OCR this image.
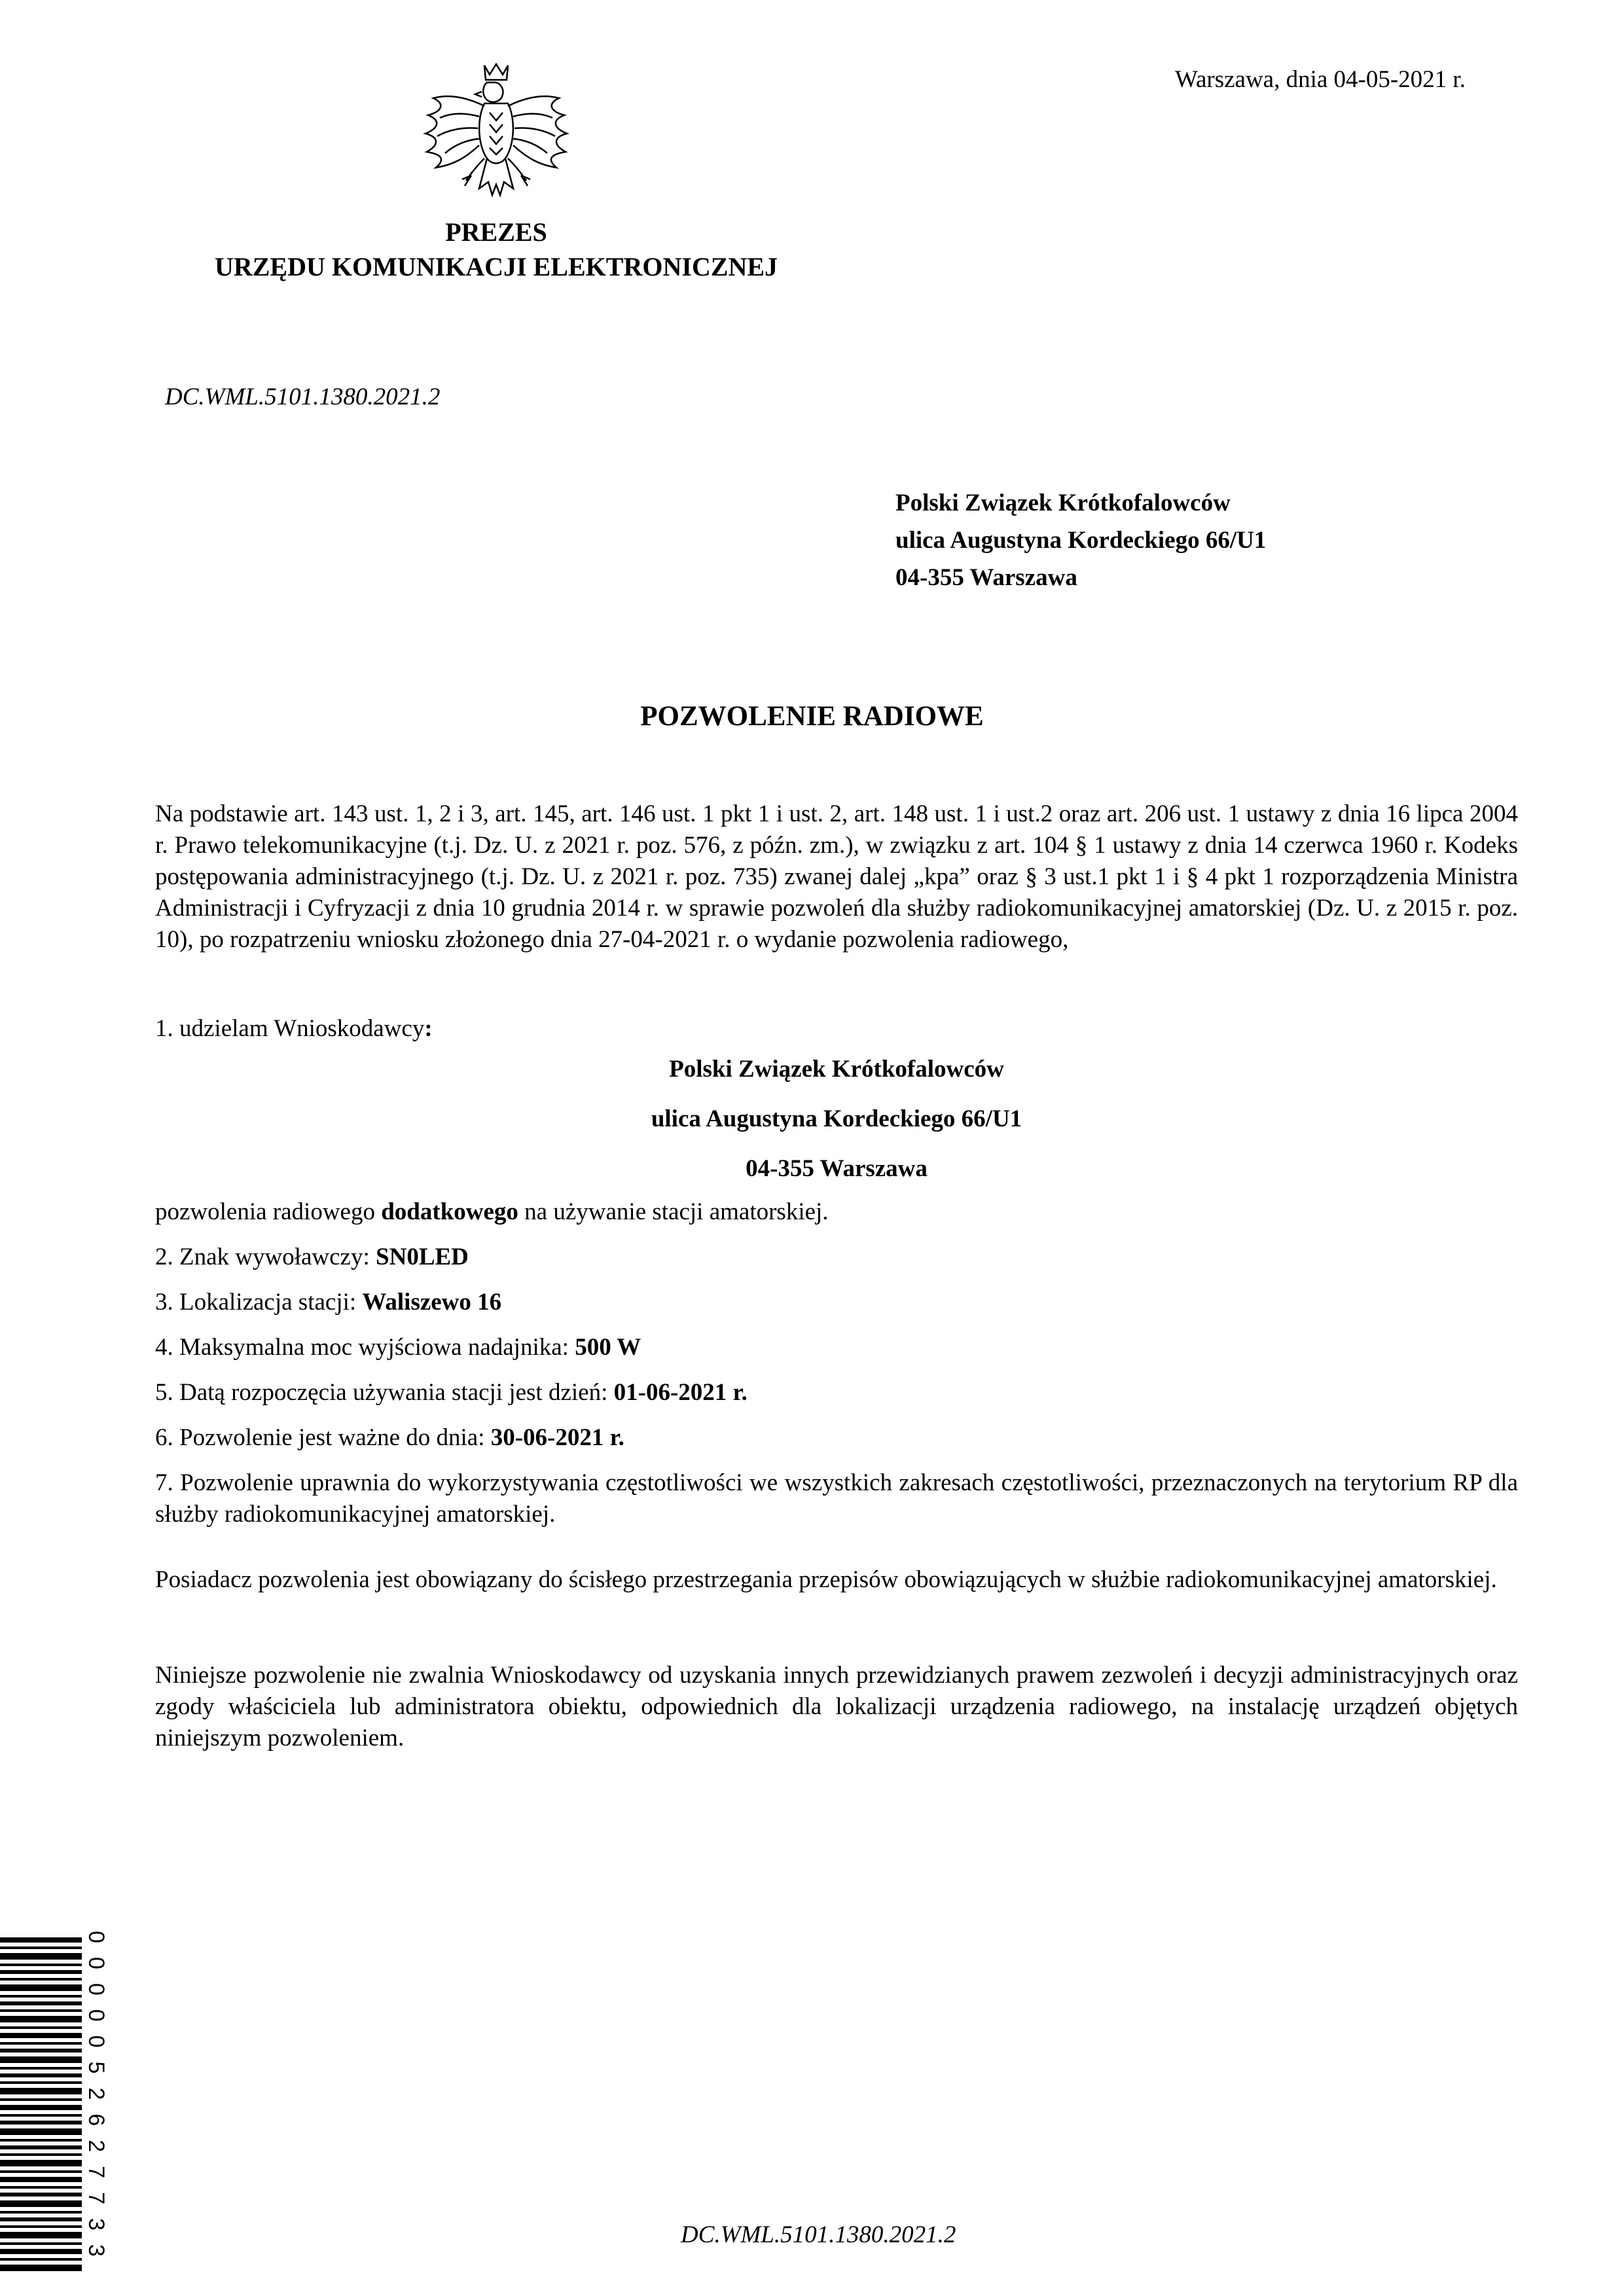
Warszawa, dnia 04-05-2021 r.
PREZES
URZĘDU KOMUNIKACJI ELEKTRONICZNEJ
DC.WML.5101.1380.2021.2
Polski Związek Krótkofalowców
ulica Augustyna Kordeckiego 66/U1
04-355 Warszawa
POZWOLENIE RADIOWE
Na podstawie art. 143 ust. 1, 2 i 3, art. 145, art. 146 ust. 1 pkt 1 i ust. 2, art. 148 ust. 1 i ust.2 oraz art. 206 ust. 1 ustawy z dnia 16 lipca 2004 r. Prawo telekomunikacyjne (t.j. Dz. U. z 2021 r. poz. 576, z późn. zm.), w związku z art. 104 § 1 ustawy z dnia 14 czerwca 1960 r. Kodeks postępowania administracyjnego (t.j. Dz. U. z 2021 r. poz. 735) zwanej dalej „kpa” oraz § 3 ust.1 pkt 1 i § 4 pkt 1 rozporządzenia Ministra Administracji i Cyfryzacji z dnia 10 grudnia 2014 r. w sprawie pozwoleń dla służby radiokomunikacyjnej amatorskiej (Dz. U. z 2015 r. poz. 10), po rozpatrzeniu wniosku złożonego dnia 27-04-2021 r. o wydanie pozwolenia radiowego,
1. udzielam Wnioskodawcy:
Polski Związek Krótkofalowców
ulica Augustyna Kordeckiego 66/U1
04-355 Warszawa
pozwolenia radiowego dodatkowego na używanie stacji amatorskiej.
2. Znak wywoławczy: SN0LED
3. Lokalizacja stacji: Waliszewo 16
4. Maksymalna moc wyjściowa nadajnika: 500 W
5. Datą rozpoczęcia używania stacji jest dzień: 01-06-2021 r.
6. Pozwolenie jest ważne do dnia: 30-06-2021 r.
7. Pozwolenie uprawnia do wykorzystywania częstotliwości we wszystkich zakresach częstotliwości, przeznaczonych na terytorium RP dla służby radiokomunikacyjnej amatorskiej.
Posiadacz pozwolenia jest obowiązany do ścisłego przestrzegania przepisów obowiązujących w służbie radiokomunikacyjnej amatorskiej.
Niniejsze pozwolenie nie zwalnia Wnioskodawcy od uzyskania innych przewidzianych prawem zezwoleń i decyzji administracyjnych oraz zgody właściciela lub administratora obiektu, odpowiednich dla lokalizacji urządzenia radiowego, na instalację urządzeń objętych niniejszym pozwoleniem.
0000052627733	DC.WML.5101.1380.2021.2
